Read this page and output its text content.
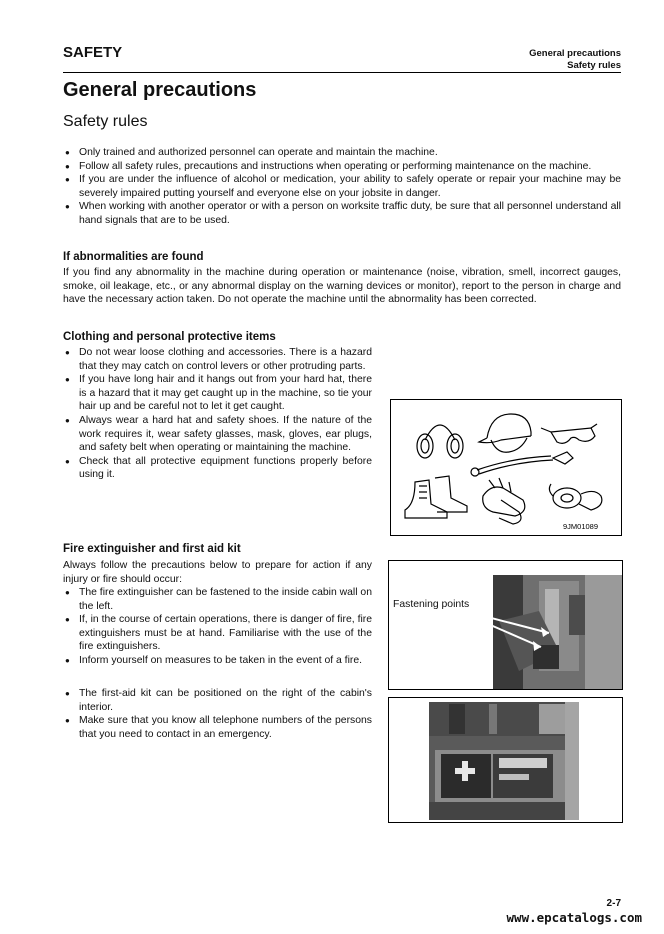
SAFETY	General precautions
Safety rules
General precautions
Safety rules
● Only trained and authorized personnel can operate and maintain the machine.
● Follow all safety rules, precautions and instructions when operating or performing maintenance on the machine.
● If you are under the influence of alcohol or medication, your ability to safely operate or repair your machine may be severely impaired putting yourself and everyone else on your jobsite in danger.
● When working with another operator or with a person on worksite traffic duty, be sure that all personnel understand all hand signals that are to be used.
If abnormalities are found

If you find any abnormality in the machine during operation or maintenance (noise, vibration, smell, incorrect gauges, smoke, oil leakage, etc., or any abnormal display on the warning devices or monitor), report to the person in charge and have the necessary action taken. Do not operate the machine until the abnormality has been corrected.

Clothing and personal protective items
● Do not wear loose clothing and accessories. There is a hazard that they may catch on control levers or other protruding parts.
● If you have long hair and it hangs out from your hard hat, there is a hazard that it may get caught up in the machine, so tie your hair up and be careful not to let it get caught.
● Always wear a hard hat and safety shoes. If the nature of the work requires it, wear safety glasses, mask, gloves, ear plugs, and safety belt when operating or maintaining the machine.
● Check that all protective equipment functions properly before using it.
9JM01089
Fire extinguisher and first aid kit

Always follow the precautions below to prepare for action if any injury or fire should occur:

● The fire extinguisher can be fastened to the inside cabin wall on the left.
● If, in the course of certain operations, there is danger of fire, fire extinguishers must be at hand. Familiarise with the use of the fire extinguishers.
● Inform yourself on measures to be taken in the event of a fire.
● The first-aid kit can be positioned on the right of the cabin's interior.
● Make sure that you know all telephone numbers of the persons that you need to contact in an emergency.
Fastening points
2-7
www.epcatalogs.com
